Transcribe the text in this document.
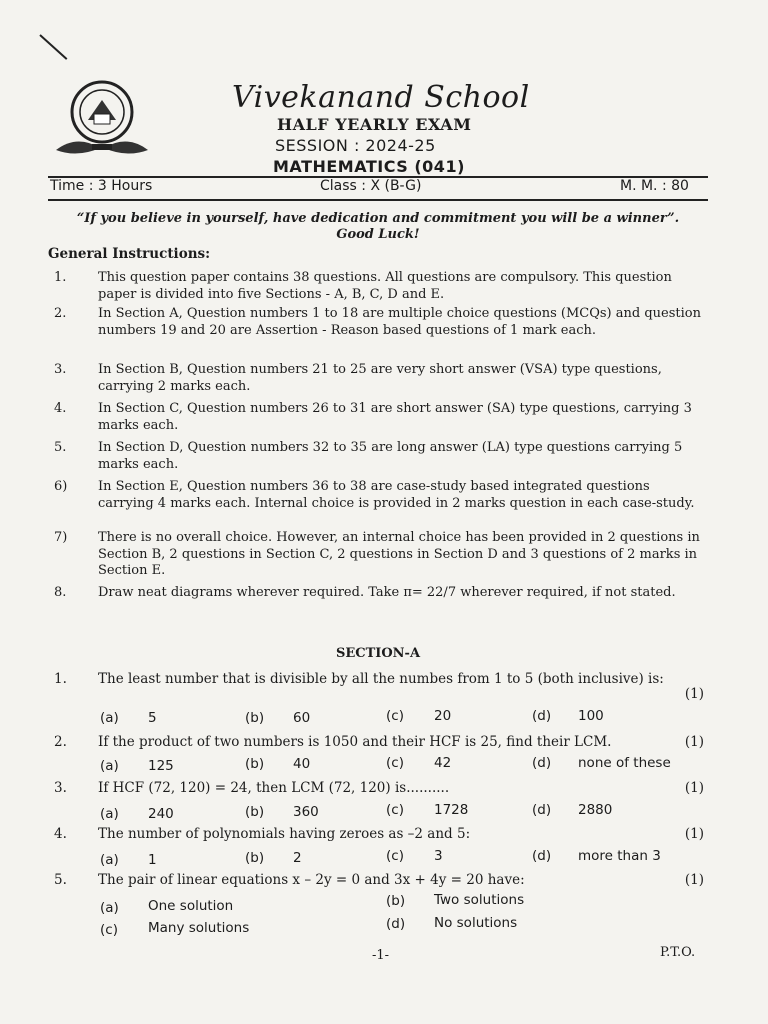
Vivekanand School
HALF YEARLY EXAM
SESSION : 2024-25
MATHEMATICS (041)
Time : 3 Hours	Class : X (B-G)	M. M. : 80
“If you believe in yourself, have dedication and commitment you will be a winner”.
Good Luck!
General Instructions:
1. This question paper contains 38 questions. All questions are compulsory. This question paper is divided into five Sections - A, B, C, D and E.
2. In Section A, Question numbers 1 to 18 are multiple choice questions (MCQs) and question numbers 19 and 20 are Assertion - Reason based questions of 1 mark each.
3. In Section B, Question numbers 21 to 25 are very short answer (VSA) type questions, carrying 2 marks each.
4. In Section C, Question numbers 26 to 31 are short answer (SA) type questions, carrying 3 marks each.
5. In Section D, Question numbers 32 to 35 are long answer (LA) type questions carrying 5 marks each.
6) In Section E, Question numbers 36 to 38 are case-study based integrated questions carrying 4 marks each. Internal choice is provided in 2 marks question in each case-study.
7) There is no overall choice. However, an internal choice has been provided in 2 questions in Section B, 2 questions in Section C, 2 questions in Section D and 3 questions of 2 marks in Section E.
8. Draw neat diagrams wherever required. Take π= 22/7 wherever required, if not stated.
SECTION-A
1. The least number that is divisible by all the numbes from 1 to 5 (both inclusive) is:
(1)
(a) 5	(b) 60	(c) 20	(d) 100
2. If the product of two numbers is 1050 and their HCF is 25, find their LCM.	(1)
(a) 125	(b) 40	(c) 42	(d) none of these
3. If HCF (72, 120) = 24, then LCM (72, 120) is..........	(1)
(a) 240	(b) 360	(c) 1728	(d) 2880
4. The number of polynomials having zeroes as –2 and 5:	(1)
(a) 1	(b) 2	(c) 3	(d) more than 3
5. The pair of linear equations x – 2y = 0 and 3x + 4y = 20 have:	(1)
(a) One solution	(b) Two solutions
(c) Many solutions	(d) No solutions
-1-	P.T.O.
